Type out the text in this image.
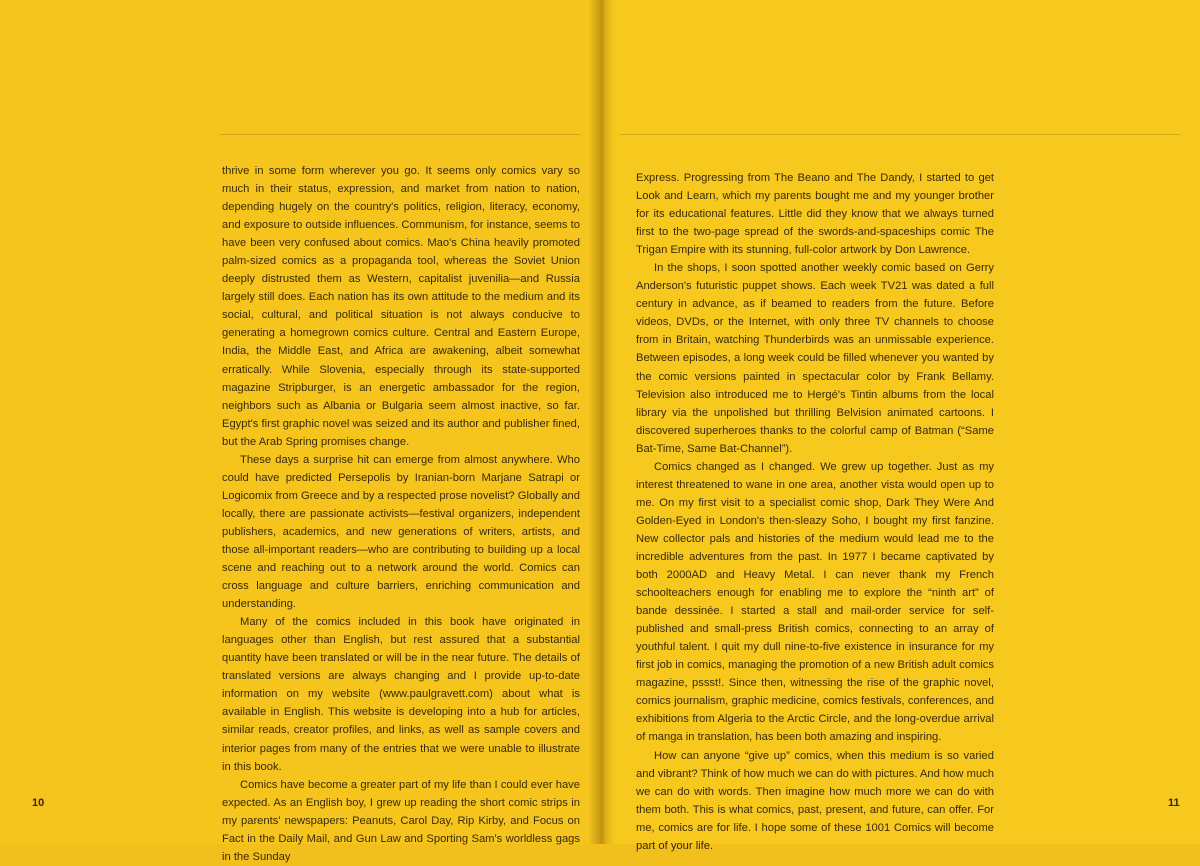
thrive in some form wherever you go. It seems only comics vary so much in their status, expression, and market from nation to nation, depending hugely on the country's politics, religion, literacy, economy, and exposure to outside influences. Communism, for instance, seems to have been very confused about comics. Mao's China heavily promoted palm-sized comics as a propaganda tool, whereas the Soviet Union deeply distrusted them as Western, capitalist juvenilia—and Russia largely still does. Each nation has its own attitude to the medium and its social, cultural, and political situation is not always conducive to generating a homegrown comics culture. Central and Eastern Europe, India, the Middle East, and Africa are awakening, albeit somewhat erratically. While Slovenia, especially through its state-supported magazine Stripburger, is an energetic ambassador for the region, neighbors such as Albania or Bulgaria seem almost inactive, so far. Egypt's first graphic novel was seized and its author and publisher fined, but the Arab Spring promises change.

These days a surprise hit can emerge from almost anywhere. Who could have predicted Persepolis by Iranian-born Marjane Satrapi or Logicomix from Greece and by a respected prose novelist? Globally and locally, there are passionate activists—festival organizers, independent publishers, academics, and new generations of writers, artists, and those all-important readers—who are contributing to building up a local scene and reaching out to a network around the world. Comics can cross language and culture barriers, enriching communication and understanding.

Many of the comics included in this book have originated in languages other than English, but rest assured that a substantial quantity have been translated or will be in the near future. The details of translated versions are always changing and I provide up-to-date information on my website (www.paulgravett.com) about what is available in English. This website is developing into a hub for articles, similar reads, creator profiles, and links, as well as sample covers and interior pages from many of the entries that we were unable to illustrate in this book.

Comics have become a greater part of my life than I could ever have expected. As an English boy, I grew up reading the short comic strips in my parents' newspapers: Peanuts, Carol Day, Rip Kirby, and Focus on Fact in the Daily Mail, and Gun Law and Sporting Sam's worldless gags in the Sunday

10

Express. Progressing from The Beano and The Dandy, I started to get Look and Learn, which my parents bought me and my younger brother for its educational features. Little did they know that we always turned first to the two-page spread of the swords-and-spaceships comic The Trigan Empire with its stunning, full-color artwork by Don Lawrence.

In the shops, I soon spotted another weekly comic based on Gerry Anderson's futuristic puppet shows. Each week TV21 was dated a full century in advance, as if beamed to readers from the future. Before videos, DVDs, or the Internet, with only three TV channels to choose from in Britain, watching Thunderbirds was an unmissable experience. Between episodes, a long week could be filled whenever you wanted by the comic versions painted in spectacular color by Frank Bellamy. Television also introduced me to Hergé's Tintin albums from the local library via the unpolished but thrilling Belvision animated cartoons. I discovered superheroes thanks to the colorful camp of Batman (“Same Bat-Time, Same Bat-Channel”).

Comics changed as I changed. We grew up together. Just as my interest threatened to wane in one area, another vista would open up to me. On my first visit to a specialist comic shop, Dark They Were And Golden-Eyed in London's then-sleazy Soho, I bought my first fanzine. New collector pals and histories of the medium would lead me to the incredible adventures from the past. In 1977 I became captivated by both 2000AD and Heavy Metal. I can never thank my French schoolteachers enough for enabling me to explore the “ninth art” of bande dessinée. I started a stall and mail-order service for self-published and small-press British comics, connecting to an array of youthful talent. I quit my dull nine-to-five existence in insurance for my first job in comics, managing the promotion of a new British adult comics magazine, pssst!. Since then, witnessing the rise of the graphic novel, comics journalism, graphic medicine, comics festivals, conferences, and exhibitions from Algeria to the Arctic Circle, and the long-overdue arrival of manga in translation, has been both amazing and inspiring.

How can anyone “give up” comics, when this medium is so varied and vibrant? Think of how much we can do with pictures. And how much we can do with words. Then imagine how much more we can do with them both. This is what comics, past, present, and future, can offer. For me, comics are for life. I hope some of these 1001 Comics will become part of your life.

11
